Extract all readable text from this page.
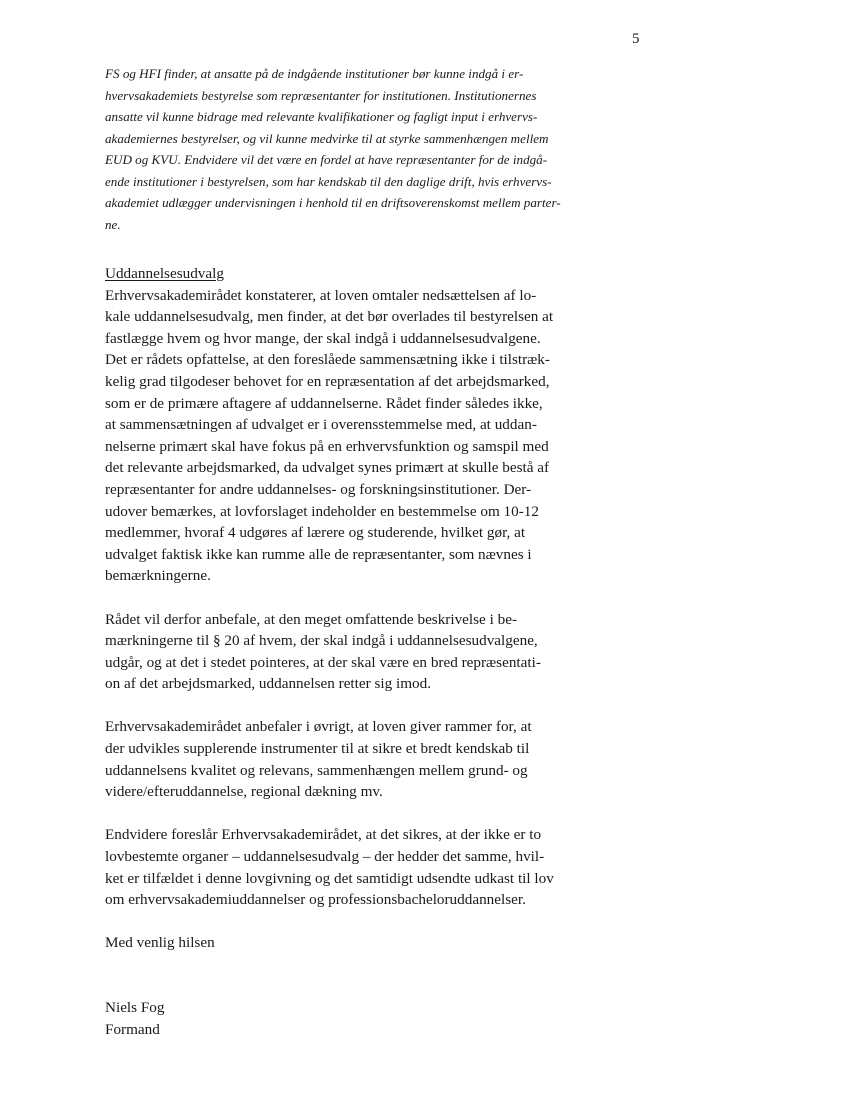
5

FS og HFI finder, at ansatte på de indgående institutioner bør kunne indgå i er-
hvervsakademiets bestyrelse som repræsentanter for institutionen. Institutionernes
ansatte vil kunne bidrage med relevante kvalifikationer og fagligt input i erhvervs-
akademiernes bestyrelser, og vil kunne medvirke til at styrke sammenhængen mellem
EUD og KVU. Endvidere vil det være en fordel at have repræsentanter for de indgå-
ende institutioner i bestyrelsen, som har kendskab til den daglige drift, hvis erhvervs-
akademiet udlægger undervisningen i henhold til en driftsoverenskomst mellem parter-
ne.

Uddannelsesudvalg

Erhvervsakademirådet konstaterer, at loven omtaler nedsættelsen af lo-
kale uddannelsesudvalg, men finder, at det bør overlades til bestyrelsen at
fastlægge hvem og hvor mange, der skal indgå i uddannelsesudvalgene.
Det er rådets opfattelse, at den foreslåede sammensætning ikke i tilstræk-
kelig grad tilgodeser behovet for en repræsentation af det arbejdsmarked,
som er de primære aftagere af uddannelserne. Rådet finder således ikke,
at sammensætningen af udvalget er i overensstemmelse med, at uddan-
nelserne primært skal have fokus på en erhvervsfunktion og samspil med
det relevante arbejdsmarked, da udvalget synes primært at skulle bestå af
repræsentanter for andre uddannelses- og forskningsinstitutioner. Der-
udover bemærkes, at lovforslaget indeholder en bestemmelse om 10-12
medlemmer, hvoraf 4 udgøres af lærere og studerende, hvilket gør, at
udvalget faktisk ikke kan rumme alle de repræsentanter, som nævnes i
bemærkningerne.

Rådet vil derfor anbefale, at den meget omfattende beskrivelse i be-
mærkningerne til § 20 af hvem, der skal indgå i uddannelsesudvalgene,
udgår, og at det i stedet pointeres, at der skal være en bred repræsentati-
on af det arbejdsmarked, uddannelsen retter sig imod.

Erhvervsakademirådet anbefaler i øvrigt, at loven giver rammer for, at
der udvikles supplerende instrumenter til at sikre et bredt kendskab til
uddannelsens kvalitet og relevans, sammenhængen mellem grund- og
videre/efteruddannelse, regional dækning mv.

Endvidere foreslår Erhvervsakademirådet, at det sikres, at der ikke er to
lovbestemte organer – uddannelsesudvalg – der hedder det samme, hvil-
ket er tilfældet i denne lovgivning og det samtidigt udsendte udkast til lov
om erhvervsakademiuddannelser og professionsbacheloruddannelser.

Med venlig hilsen

Niels Fog

Formand
